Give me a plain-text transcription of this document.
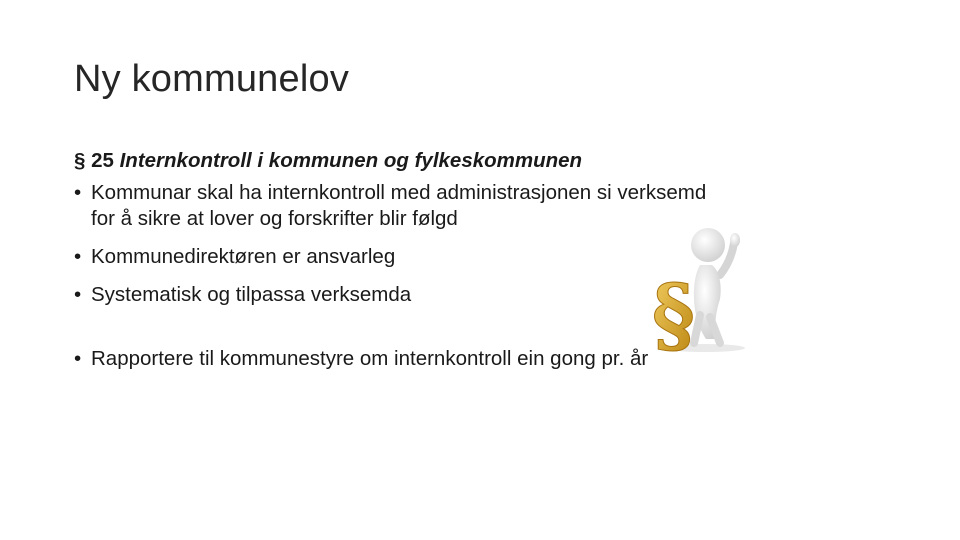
Ny kommunelov
§ 25 Internkontroll i kommunen og fylkeskommunen
• Kommunar skal ha internkontroll med administrasjonen si verksemd
for å sikre at lover og forskrifter blir følgd
• Kommunedirektøren er ansvarleg
• Systematisk og tilpassa verksemda
• Rapportere til kommunestyre om internkontroll ein gong pr. år §
